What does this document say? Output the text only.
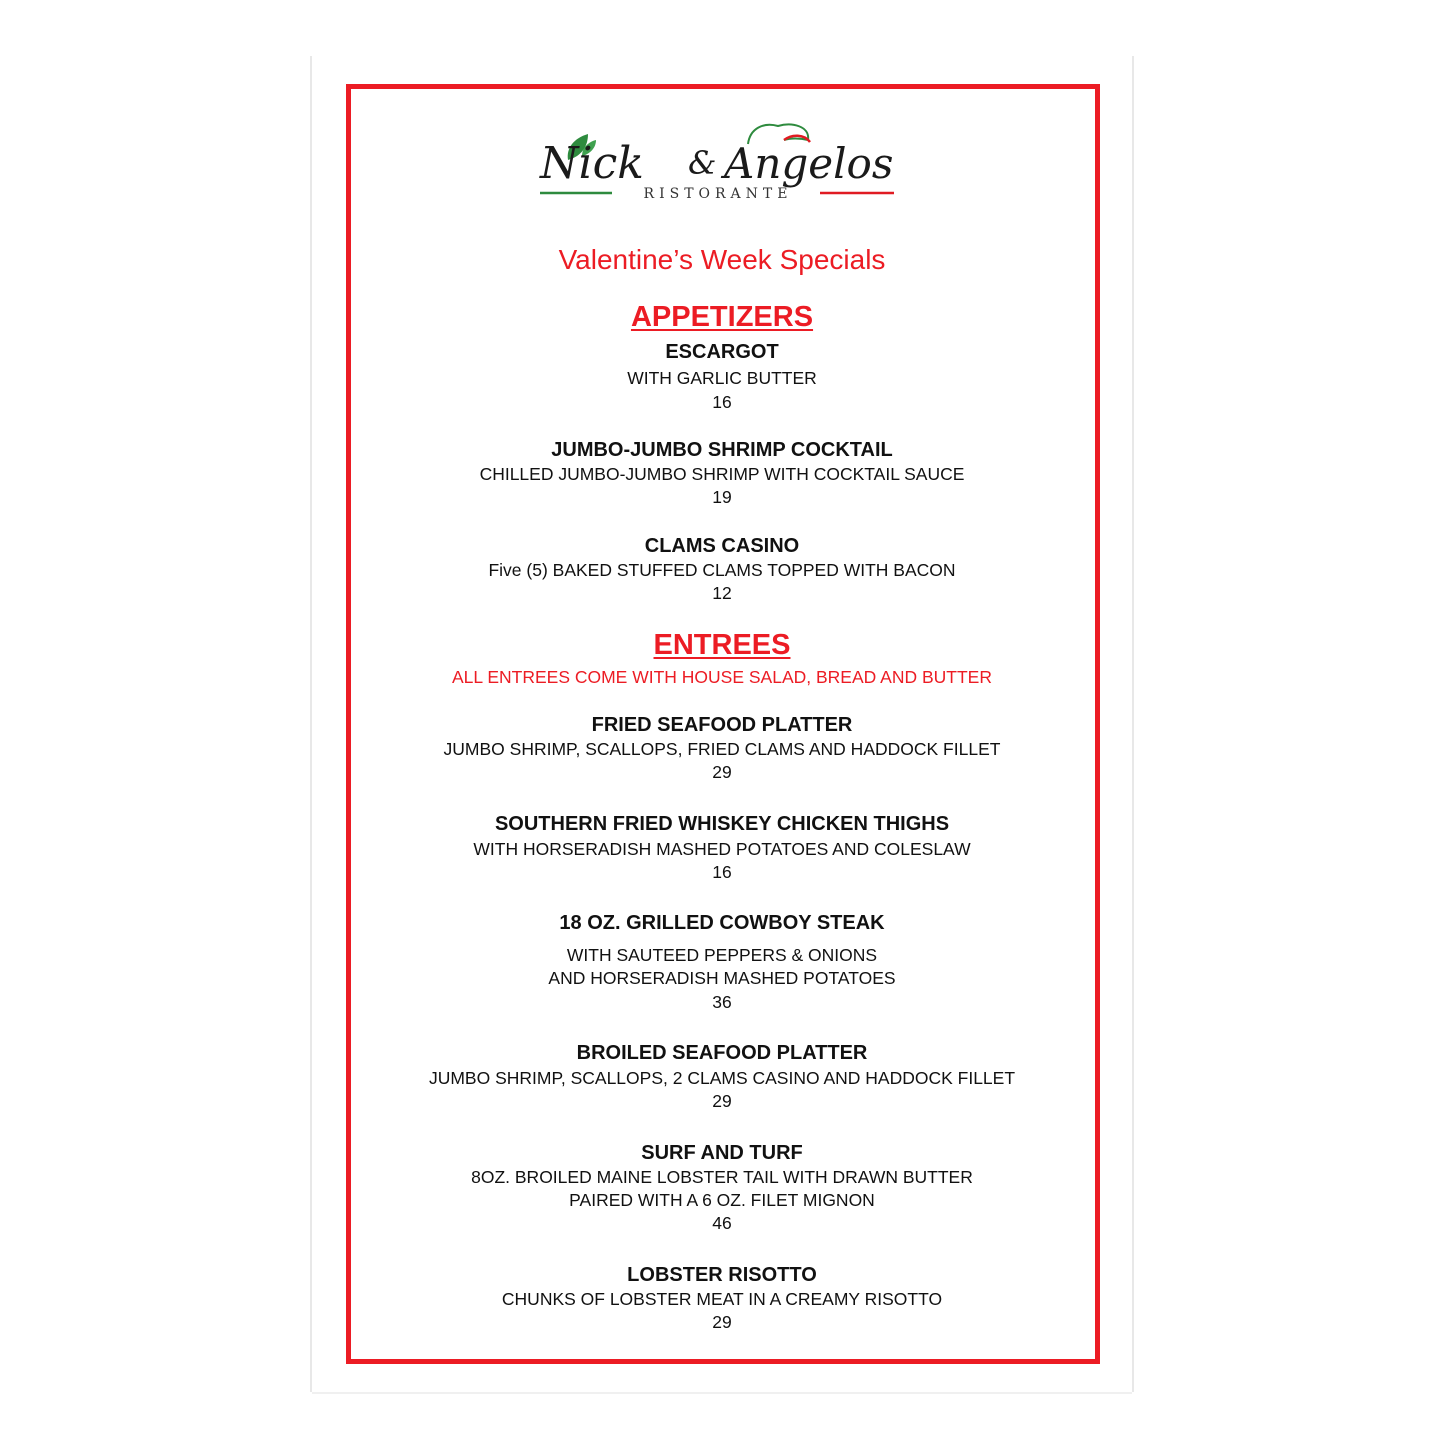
Nick & Angelos
RISTORANTE
Valentine’s Week Specials
APPETIZERS
ESCARGOT
WITH GARLIC BUTTER
16
JUMBO-JUMBO SHRIMP COCKTAIL
CHILLED JUMBO-JUMBO SHRIMP WITH COCKTAIL SAUCE
19
CLAMS CASINO
Five (5) BAKED STUFFED CLAMS TOPPED WITH BACON
12
ENTREES
ALL ENTREES COME WITH HOUSE SALAD, BREAD AND BUTTER
FRIED SEAFOOD PLATTER
JUMBO SHRIMP, SCALLOPS, FRIED CLAMS AND HADDOCK FILLET
29
SOUTHERN FRIED WHISKEY CHICKEN THIGHS
WITH HORSERADISH MASHED POTATOES AND COLESLAW
16
18 OZ. GRILLED COWBOY STEAK
WITH SAUTEED PEPPERS & ONIONS
AND HORSERADISH MASHED POTATOES
36
BROILED SEAFOOD PLATTER
JUMBO SHRIMP, SCALLOPS, 2 CLAMS CASINO AND HADDOCK FILLET
29
SURF AND TURF
8OZ. BROILED MAINE LOBSTER TAIL WITH DRAWN BUTTER
PAIRED WITH A 6 OZ. FILET MIGNON
46
LOBSTER RISOTTO
CHUNKS OF LOBSTER MEAT IN A CREAMY RISOTTO
29
